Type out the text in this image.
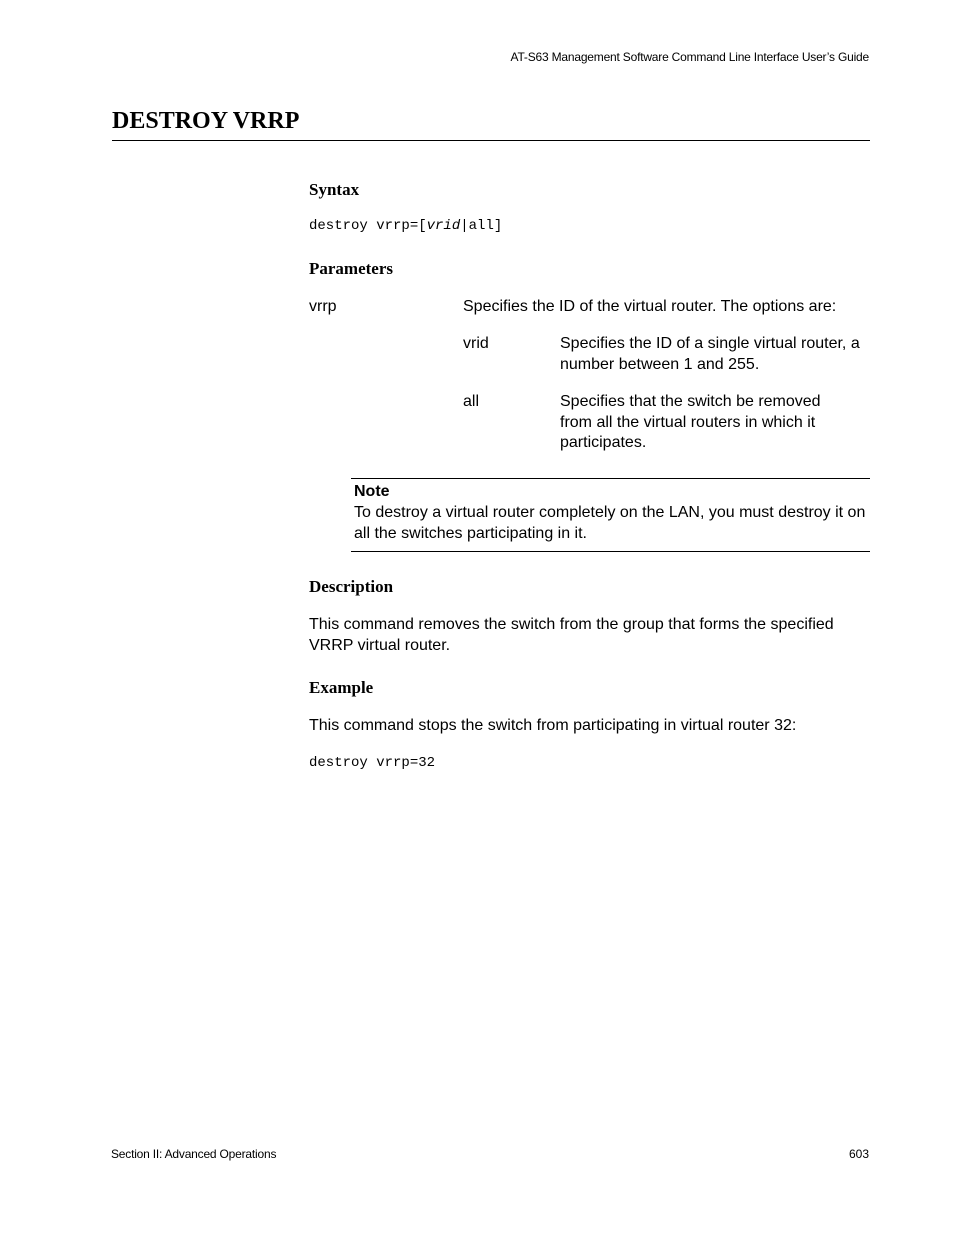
AT-S63 Management Software Command Line Interface User’s Guide
DESTROY VRRP
Syntax
destroy vrrp=[vrid|all]
Parameters
vrrp	Specifies the ID of the virtual router. The options are:
vrid	Specifies the ID of a single virtual router, a number between 1 and 255.
all	Specifies that the switch be removed from all the virtual routers in which it participates.
Note
To destroy a virtual router completely on the LAN, you must destroy it on all the switches participating in it.
Description
This command removes the switch from the group that forms the specified VRRP virtual router.
Example
This command stops the switch from participating in virtual router 32:
destroy vrrp=32
Section II: Advanced Operations	603
